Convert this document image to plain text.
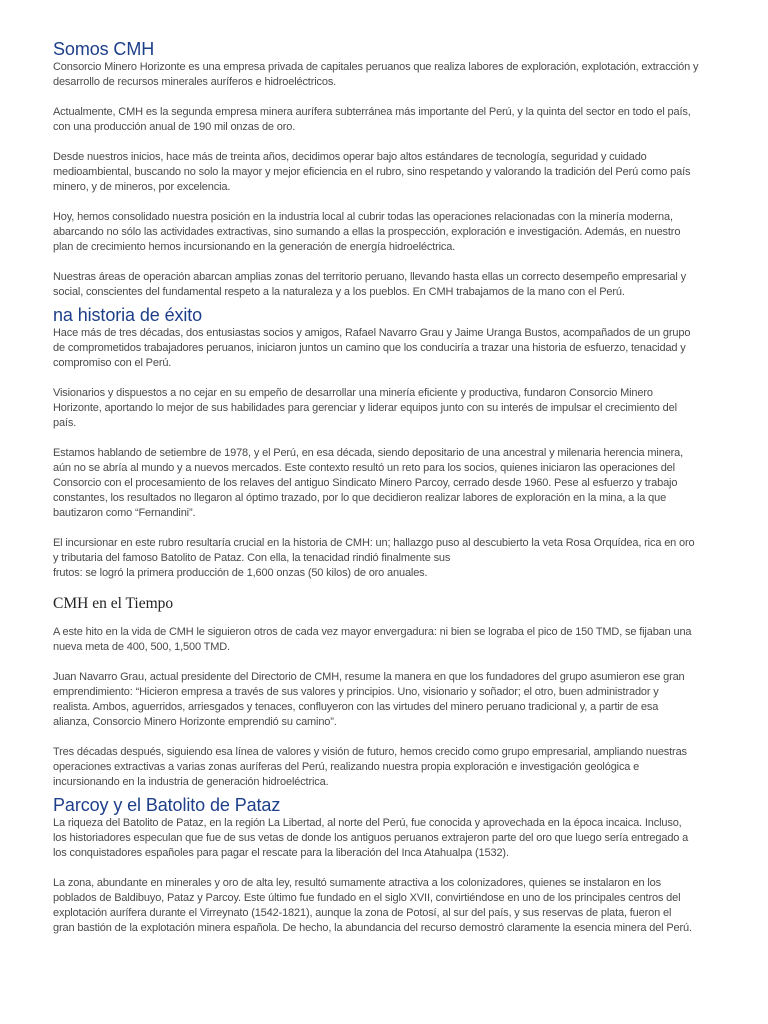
Somos CMH

Consorcio Minero Horizonte es una empresa privada de capitales peruanos que realiza labores de exploración, explotación, extracción y
desarrollo de recursos minerales auríferos e hidroeléctricos.

Actualmente, CMH es la segunda empresa minera aurífera subterránea más importante del Perú, y la quinta del sector en todo el país,
con una producción anual de 190 mil onzas de oro.

Desde nuestros inicios, hace más de treinta años, decidimos operar bajo altos estándares de tecnología, seguridad y cuidado
medioambiental, buscando no solo la mayor y mejor eficiencia en el rubro, sino respetando y valorando la tradición del Perú como país
minero, y de mineros, por excelencia.

Hoy, hemos consolidado nuestra posición en la industria local al cubrir todas las operaciones relacionadas con la minería moderna,
abarcando no sólo las actividades extractivas, sino sumando a ellas la prospección, exploración e investigación. Además, en nuestro
plan de crecimiento hemos incursionando en la generación de energía hidroeléctrica.

Nuestras áreas de operación abarcan amplias zonas del territorio peruano, llevando hasta ellas un correcto desempeño empresarial y
social, conscientes del fundamental respeto a la naturaleza y a los pueblos. En CMH trabajamos de la mano con el Perú.

na historia de éxito

Hace más de tres décadas, dos entusiastas socios y amigos, Rafael Navarro Grau y Jaime Uranga Bustos, acompañados de un grupo
de comprometidos trabajadores peruanos, iniciaron juntos un camino que los conduciría a trazar una historia de esfuerzo, tenacidad y
compromiso con el Perú.

Visionarios y dispuestos a no cejar en su empeño de desarrollar una minería eficiente y productiva, fundaron Consorcio Minero
Horizonte, aportando lo mejor de sus habilidades para gerenciar y liderar equipos junto con su interés de impulsar el crecimiento del
país.

Estamos hablando de setiembre de 1978, y el Perú, en esa década, siendo depositario de una ancestral y milenaria herencia minera,
aún no se abría al mundo y a nuevos mercados. Este contexto resultó un reto para los socios, quienes iniciaron las operaciones del
Consorcio con el procesamiento de los relaves del antiguo Sindicato Minero Parcoy, cerrado desde 1960. Pese al esfuerzo y trabajo
constantes, los resultados no llegaron al óptimo trazado, por lo que decidieron realizar labores de exploración en la mina, a la que
bautizaron como “Fernandini”.

El incursionar en este rubro resultaría crucial en la historia de CMH: un; hallazgo puso al descubierto la veta Rosa Orquídea, rica en oro
y tributaria del famoso Batolito de Pataz. Con ella, la tenacidad rindió finalmente sus
frutos: se logró la primera producción de 1,600 onzas (50 kilos) de oro anuales.

CMH en el Tiempo

A este hito en la vida de CMH le siguieron otros de cada vez mayor envergadura: ni bien se lograba el pico de 150 TMD, se fijaban una
nueva meta de 400, 500, 1,500 TMD.

Juan Navarro Grau, actual presidente del Directorio de CMH, resume la manera en que los fundadores del grupo asumieron ese gran
emprendimiento: “Hicieron empresa a través de sus valores y principios. Uno, visionario y soñador; el otro, buen administrador y
realista. Ambos, aguerridos, arriesgados y tenaces, confluyeron con las virtudes del minero peruano tradicional y, a partir de esa
alianza, Consorcio Minero Horizonte emprendió su camino”.

Tres décadas después, siguiendo esa línea de valores y visión de futuro, hemos crecido como grupo empresarial, ampliando nuestras
operaciones extractivas a varias zonas auríferas del Perú, realizando nuestra propia exploración e investigación geológica e
incursionando en la industria de generación hidroeléctrica.

Parcoy y el Batolito de Pataz

La riqueza del Batolito de Pataz, en la región La Libertad, al norte del Perú, fue conocida y aprovechada en la época incaica. Incluso,
los historiadores especulan que fue de sus vetas de donde los antiguos peruanos extrajeron parte del oro que luego sería entregado a
los conquistadores españoles para pagar el rescate para la liberación del Inca Atahualpa (1532).

La zona, abundante en minerales y oro de alta ley, resultó sumamente atractiva a los colonizadores, quienes se instalaron en los
poblados de Baldibuyo, Pataz y Parcoy. Este último fue fundado en el siglo XVII, convirtiéndose en uno de los principales centros del
explotación aurífera durante el Virreynato (1542-1821), aunque la zona de Potosí, al sur del país, y sus reservas de plata, fueron el
gran bastión de la explotación minera española. De hecho, la abundancia del recurso demostró claramente la esencia minera del Perú.
